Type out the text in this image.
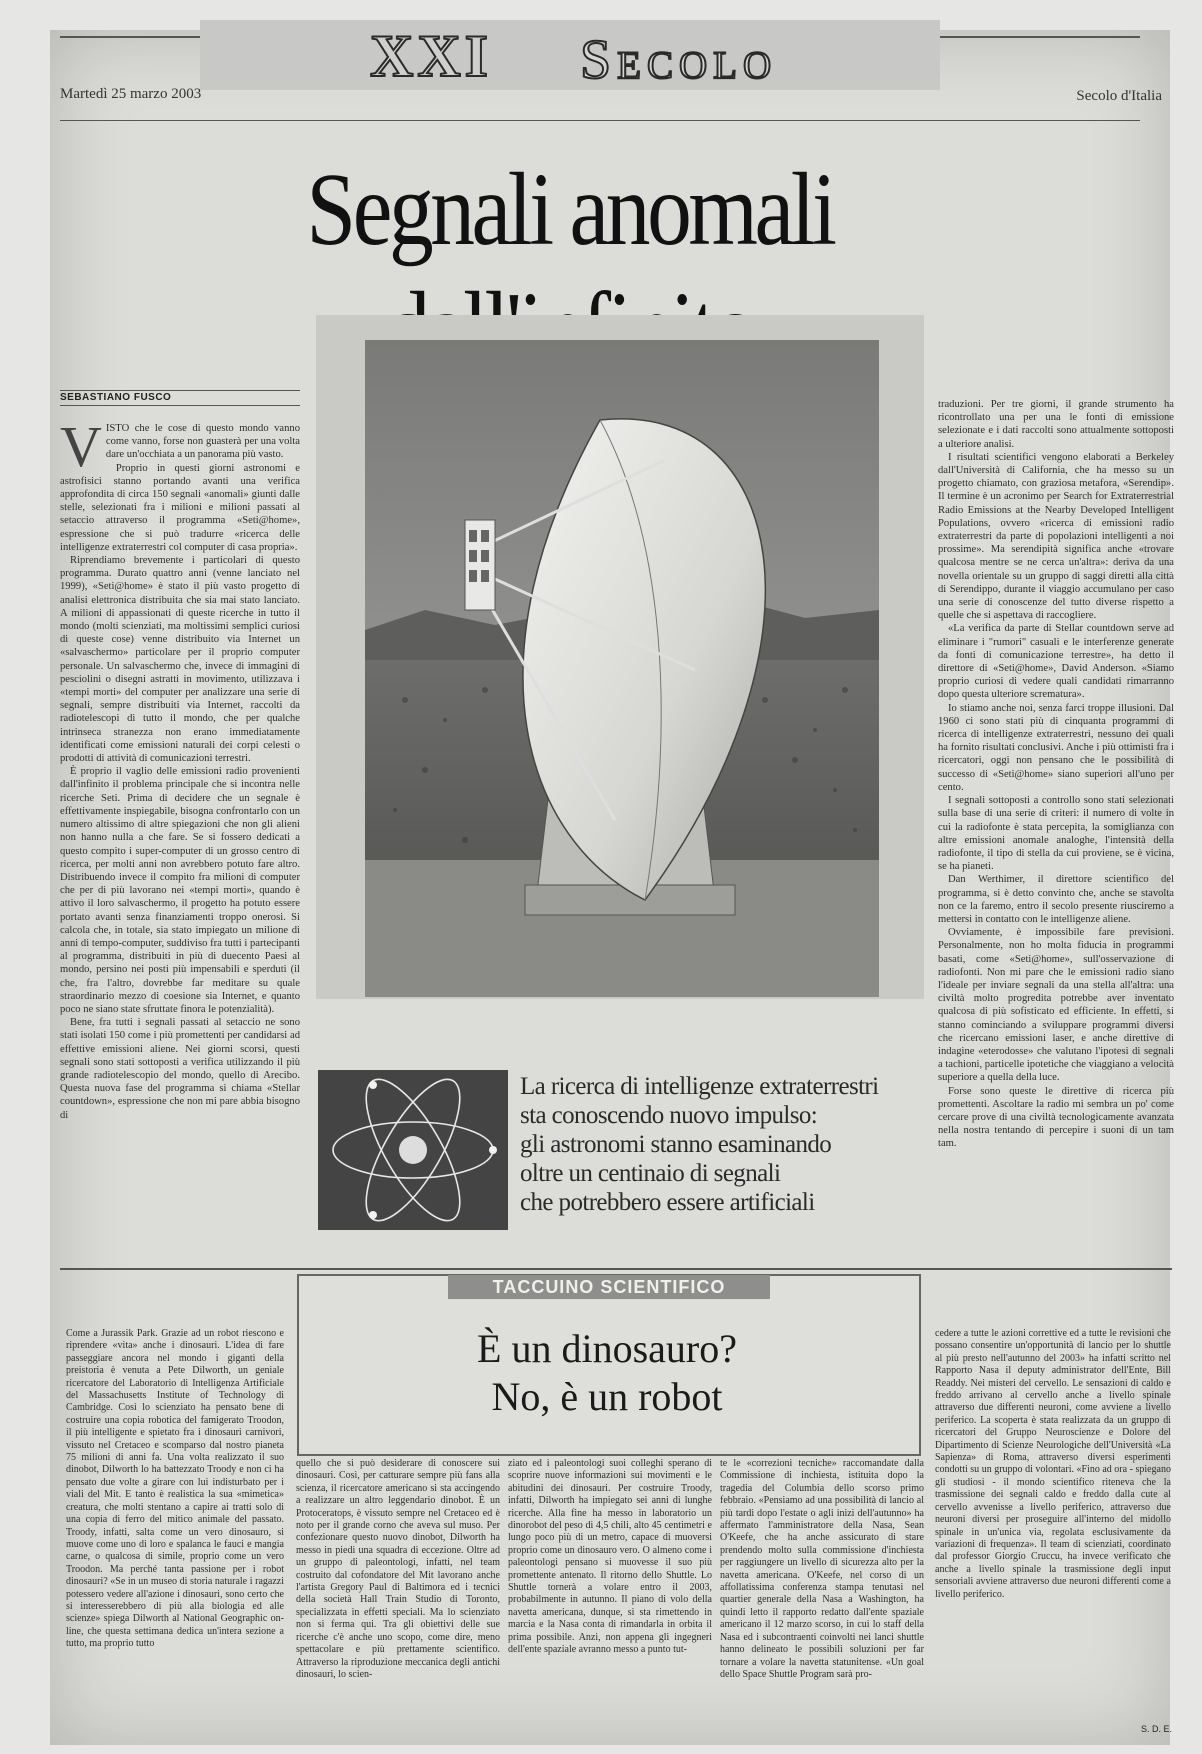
XXI Secolo
Martedì 25 marzo 2003	Secolo d'Italia
Segnali anomali
SEBASTIANO FUSCO
V ISTO che le cose di questo mondo vanno come vanno, forse non guasterà per una volta dare un'occhiata a un panorama più vasto.

Proprio in questi giorni astronomi e astrofisici stanno portando avanti una verifica approfondita di circa 150 segnali «anomali» giunti dalle stelle, selezionati fra i milioni e milioni passati al setaccio attraverso il programma «Seti@home», espressione che si può tradurre «ricerca delle intelligenze extraterrestri col computer di casa propria».

Riprendiamo brevemente i particolari di questo programma. Durato quattro anni (venne lanciato nel 1999), «Seti@home» è stato il più vasto progetto di analisi elettronica distribuita che sia mai stato lanciato. A milioni di appassionati di queste ricerche in tutto il mondo (molti scienziati, ma moltissimi semplici curiosi di queste cose) venne distribuito via Internet un «salvaschermo» particolare per il proprio computer personale. Un salvaschermo che, invece di immagini di pesciolini o disegni astratti in movimento, utilizzava i «tempi morti» del computer per analizzare una serie di segnali, sempre distribuiti via Internet, raccolti da radiotelescopi di tutto il mondo, che per qualche intrinseca stranezza non erano immediatamente identificati come emissioni naturali dei corpi celesti o prodotti di attività di comunicazioni terrestri.

È proprio il vaglio delle emissioni radio provenienti dall'infinito il problema principale che si incontra nelle ricerche Seti. Prima di decidere che un segnale è effettivamente inspiegabile, bisogna confrontarlo con un numero altissimo di altre spiegazioni che non gli alieni non hanno nulla a che fare. Se si fossero dedicati a questo compito i super-computer di un grosso centro di ricerca, per molti anni non avrebbero potuto fare altro. Distribuendo invece il compito fra milioni di computer che per di più lavorano nei «tempi morti», quando è attivo il loro salvaschermo, il progetto ha potuto essere portato avanti senza finanziamenti troppo onerosi. Si calcola che, in totale, sia stato impiegato un milione di anni di tempo-computer, suddiviso fra tutti i partecipanti al programma, distribuiti in più di duecento Paesi al mondo, persino nei posti più impensabili e sperduti (il che, fra l'altro, dovrebbe far meditare su quale straordinario mezzo di coesione sia Internet, e quanto poco ne siano state sfruttate finora le potenzialità).

Bene, fra tutti i segnali passati al setaccio ne sono stati isolati 150 come i più promettenti per candidarsi ad effettive emissioni aliene. Nei giorni scorsi, questi segnali sono stati sottoposti a verifica utilizzando il più grande radiotelescopio del mondo, quello di Arecibo. Questa nuova fase del programma si chiama «Stellar countdown», espressione che non mi pare abbia bisogno di

traduzioni. Per tre giorni, il grande strumento ha ricontrollato una per una le fonti di emissione selezionate e i dati raccolti sono attualmente sottoposti a ulteriore analisi.

I risultati scientifici vengono elaborati a Berkeley dall'Università di California, che ha messo su un progetto chiamato, con graziosa metafora, «Serendip». Il termine è un acronimo per Search for Extraterrestrial Radio Emissions at the Nearby Developed Intelligent Populations, ovvero «ricerca di emissioni radio extraterrestri da parte di popolazioni intelligenti a noi prossime». Ma serendipità significa anche «trovare qualcosa mentre se ne cerca un'altra»: deriva da una novella orientale su un gruppo di saggi diretti alla città di Serendippo, durante il viaggio accumulano per caso una serie di conoscenze del tutto diverse rispetto a quelle che si aspettava di raccogliere.

«La verifica da parte di Stellar countdown serve ad eliminare i "rumori" casuali e le interferenze generate da fonti di comunicazione terrestre», ha detto il direttore di «Seti@home», David Anderson. «Siamo proprio curiosi di vedere quali candidati rimarranno dopo questa ulteriore scrematura».

Io stiamo anche noi, senza farci troppe illusioni. Dal 1960 ci sono stati più di cinquanta programmi di ricerca di intelligenze extraterrestri, nessuno dei quali ha fornito risultati conclusivi. Anche i più ottimisti fra i ricercatori, oggi non pensano che le possibilità di successo di «Seti@home» siano superiori all'uno per cento.

I segnali sottoposti a controllo sono stati selezionati sulla base di una serie di criteri: il numero di volte in cui la radiofonte è stata percepita, la somiglianza con altre emissioni anomale analoghe, l'intensità della radiofonte, il tipo di stella da cui proviene, se è vicina, se ha pianeti.

Dan Werthimer, il direttore scientifico del programma, si è detto convinto che, anche se stavolta non ce la faremo, entro il secolo presente riusciremo a mettersi in contatto con le intelligenze aliene.

Ovviamente, è impossibile fare previsioni. Personalmente, non ho molta fiducia in programmi basati, come «Seti@home», sull'osservazione di radiofonti. Non mi pare che le emissioni radio siano l'ideale per inviare segnali da una stella all'altra: una civiltà molto progredita potrebbe aver inventato qualcosa di più sofisticato ed efficiente. In effetti, si stanno cominciando a sviluppare programmi diversi che ricercano emissioni laser, e anche direttive di indagine «eterodosse» che valutano l'ipotesi di segnali a tachioni, particelle ipotetiche che viaggiano a velocità superiore a quella della luce.

Forse sono queste le direttive di ricerca più promettenti. Ascoltare la radio mi sembra un po' come cercare prove di una civiltà tecnologicamente avanzata nella nostra tentando di percepire i suoni di un tam tam.

La ricerca di intelligenze extraterrestri
sta conoscendo nuovo impulso:
gli astronomi stanno esaminando
oltre un centinaio di segnali
che potrebbero essere artificiali
TACCUINO SCIENTIFICO
È un dinosauro?
No, è un robot

Come a Jurassik Park. Grazie ad un robot riescono e riprendere «vita» anche i dinosauri. L'idea di fare passeggiare ancora nel mondo i giganti della preistoria è venuta a Pete Dilworth, un geniale ricercatore del Laboratorio di Intelligenza Artificiale del Massachusetts Institute of Technology di Cambridge. Così lo scienziato ha pensato bene di costruire una copia robotica del famigerato Troodon, il più intelligente e spietato fra i dinosauri carnivori, vissuto nel Cretaceo e scomparso dal nostro pianeta 75 milioni di anni fa. Una volta realizzato il suo dinobot, Dilworth lo ha battezzato Troody e non ci ha pensato due volte a girare con lui indisturbato per i viali del Mit. E tanto è realistica la sua «mimetica» creatura, che molti stentano a capire ai tratti solo di una copia di ferro del mitico animale del passato. Troody, infatti, salta come un vero dinosauro, si muove come uno di loro e spalanca le fauci e mangia carne, o qualcosa di simile, proprio come un vero Troodon. Ma perché tanta passione per i robot dinosauri? «Se in un museo di storia naturale i ragazzi potessero vedere all'azione i dinosauri, sono certo che si interesserebbero di più alla biologia ed alle scienze» spiega Dilworth al National Geographic on-line, che questa settimana dedica un'intera sezione a tutto, ma proprio tutto

quello che si può desiderare di conoscere sui dinosauri. Così, per catturare sempre più fans alla scienza, il ricercatore americano si sta accingendo a realizzare un altro leggendario dinobot. È un Protoceratops, è vissuto sempre nel Cretaceo ed è noto per il grande corno che aveva sul muso. Per confezionare questo nuovo dinobot, Dilworth ha messo in piedi una squadra di eccezione. Oltre ad un gruppo di paleontologi, infatti, nel team costruito dal cofondatore del Mit lavorano anche l'artista Gregory Paul di Baltimora ed i tecnici della società Hall Train Studio di Toronto, specializzata in effetti speciali. Ma lo scienziato non si ferma qui. Tra gli obiettivi delle sue ricerche c'è anche uno scopo, come dire, meno spettacolare e più prettamente scientifico. Attraverso la riproduzione meccanica degli antichi dinosauri, lo scien-

ziato ed i paleontologi suoi colleghi sperano di scoprire nuove informazioni sui movimenti e le abitudini dei dinosauri. Per costruire Troody, infatti, Dilworth ha impiegato sei anni di lunghe ricerche. Alla fine ha messo in laboratorio un dinorobot del peso di 4,5 chili, alto 45 centimetri e lungo poco più di un metro, capace di muoversi proprio come un dinosauro vero. O almeno come i paleontologi pensano si muovesse il suo più promettente antenato. Il ritorno dello Shuttle. Lo Shuttle tornerà a volare entro il 2003, probabilmente in autunno. Il piano di volo della navetta americana, dunque, si sta rimettendo in marcia e la Nasa conta di rimandarla in orbita il prima possibile. Anzi, non appena gli ingegneri dell'ente spaziale avranno messo a punto tut-

te le «correzioni tecniche» raccomandate dalla Commissione di inchiesta, istituita dopo la tragedia del Columbia dello scorso primo febbraio. «Pensiamo ad una possibilità di lancio al più tardi dopo l'estate o agli inizi dell'autunno» ha affermato l'amministratore della Nasa, Sean O'Keefe, che ha anche assicurato di stare prendendo molto sulla commissione d'inchiesta per raggiungere un livello di sicurezza alto per la navetta americana. O'Keefe, nel corso di un affollatissima conferenza stampa tenutasi nel quartier generale della Nasa a Washington, ha quindi letto il rapporto redatto dall'ente spaziale americano il 12 marzo scorso, in cui lo staff della Nasa ed i subcontraenti coinvolti nei lanci shuttle hanno delineato le possibili soluzioni per far tornare a volare la navetta statunitense. «Un goal dello Space Shuttle Program sarà pro-

cedere a tutte le azioni correttive ed a tutte le revisioni che possano consentire un'opportunità di lancio per lo shuttle al più presto nell'autunno del 2003» ha infatti scritto nel Rapporto Nasa il deputy administrator dell'Ente, Bill Readdy. Nei misteri del cervello. Le sensazioni di caldo e freddo arrivano al cervello anche a livello spinale attraverso due differenti neuroni, come avviene a livello periferico. La scoperta è stata realizzata da un gruppo di ricercatori del Gruppo Neuroscienze e Dolore del Dipartimento di Scienze Neurologiche dell'Università «La Sapienza» di Roma, attraverso diversi esperimenti condotti su un gruppo di volontari. «Fino ad ora - spiegano gli studiosi - il mondo scientifico riteneva che la trasmissione dei segnali caldo e freddo dalla cute al cervello avvenisse a livello periferico, attraverso due neuroni diversi per proseguire all'interno del midollo spinale in un'unica via, regolata esclusivamente da variazioni di frequenza». Il team di scienziati, coordinato dal professor Giorgio Cruccu, ha invece verificato che anche a livello spinale la trasmissione degli input sensoriali avviene attraverso due neuroni differenti come a livello periferico.

S. D. E.
